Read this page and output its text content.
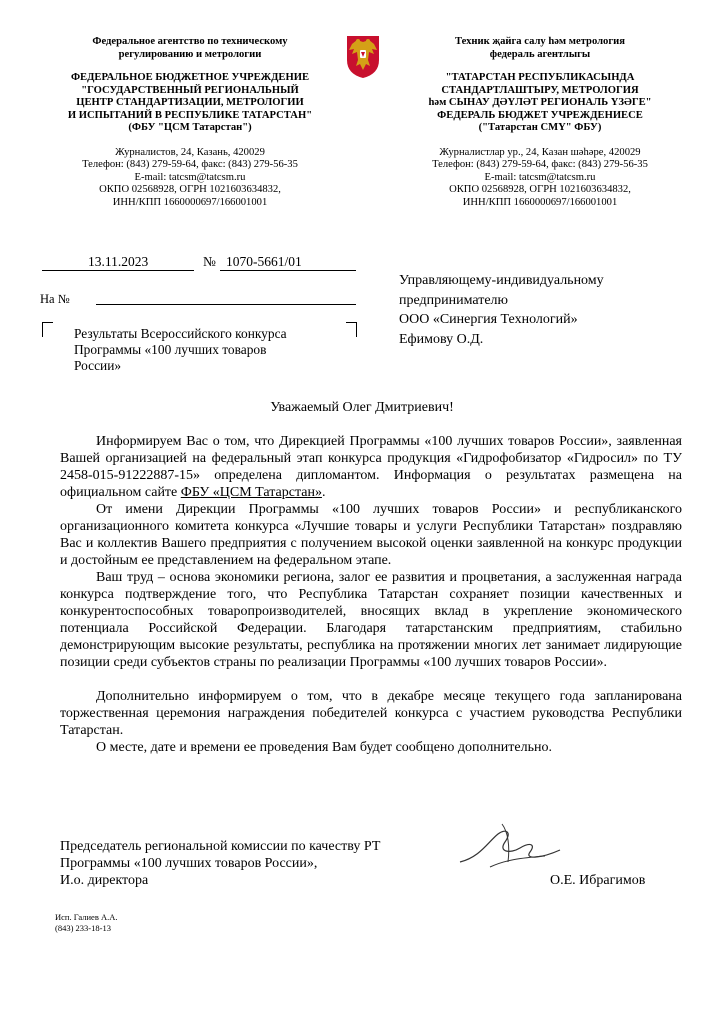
Федеральное агентство по техническому регулированию и метрологии
ФЕДЕРАЛЬНОЕ БЮДЖЕТНОЕ УЧРЕЖДЕНИЕ
"ГОСУДАРСТВЕННЫЙ РЕГИОНАЛЬНЫЙ
ЦЕНТР СТАНДАРТИЗАЦИИ, МЕТРОЛОГИИ
И ИСПЫТАНИЙ В РЕСПУБЛИКЕ ТАТАРСТАН"
(ФБУ "ЦСМ Татарстан")
Журналистов, 24, Казань, 420029
Телефон: (843) 279-59-64, факс: (843) 279-56-35
E-mail: tatcsm@tatcsm.ru
ОКПО 02568928, ОГРН 1021603634832,
ИНН/КПП 1660000697/166001001
Техник җайга салу һәм метрология федераль агентлыгы
"ТАТАРСТАН РЕСПУБЛИКАСЫНДА
СТАНДАРТЛАШТЫРУ, МЕТРОЛОГИЯ
һәм СЫНАУ ДӘҮЛӘТ РЕГИОНАЛЬ ҮЗӘГЕ"
ФЕДЕРАЛЬ БЮДЖЕТ УЧРЕЖДЕНИЕСЕ
("Татарстан СМҮ" ФБУ)
Журналистлар ур., 24, Казан шәһәре, 420029
Телефон: (843) 279-59-64, факс: (843) 279-56-35
E-mail: tatcsm@tatcsm.ru
ОКПО 02568928, ОГРН 1021603634832,
ИНН/КПП 1660000697/166001001
13.11.2023	№ 1070-5661/01
На №
Результаты Всероссийского конкурса
Программы «100 лучших товаров
России»
Управляющему-индивидуальному
предпринимателю
ООО «Синергия Технологий»
Ефимову О.Д.
Уважаемый Олег Дмитриевич!

Информируем Вас о том, что Дирекцией Программы «100 лучших товаров России», заявленная Вашей организацией на федеральный этап конкурса продукция «Гидрофобизатор «Гидросил» по ТУ 2458-015-91222887-15» определена дипломантом. Информация о результатах размещена на официальном сайте ФБУ «ЦСМ Татарстан».

От имени Дирекции Программы «100 лучших товаров России» и республиканского организационного комитета конкурса «Лучшие товары и услуги Республики Татарстан» поздравляю Вас и коллектив Вашего предприятия с получением высокой оценки заявленной на конкурс продукции и достойным ее представлением на федеральном этапе.

Ваш труд – основа экономики региона, залог ее развития и процветания, а заслуженная награда конкурса подтверждение того, что Республика Татарстан сохраняет позиции качественных и конкурентоспособных товаропроизводителей, вносящих вклад в укрепление экономического потенциала Российской Федерации. Благодаря татарстанским предприятиям, стабильно демонстрирующим высокие результаты, республика на протяжении многих лет занимает лидирующие позиции среди субъектов страны по реализации Программы «100 лучших товаров России».

Дополнительно информируем о том, что в декабре месяце текущего года запланирована торжественная церемония награждения победителей конкурса с участием руководства Республики Татарстан.

О месте, дате и времени ее проведения Вам будет сообщено дополнительно.

Председатель региональной комиссии по качеству РТ
Программы «100 лучших товаров России»,
И.о. директора	О.Е. Ибрагимов
Исп. Галиев А.А.
(843) 233-18-13
